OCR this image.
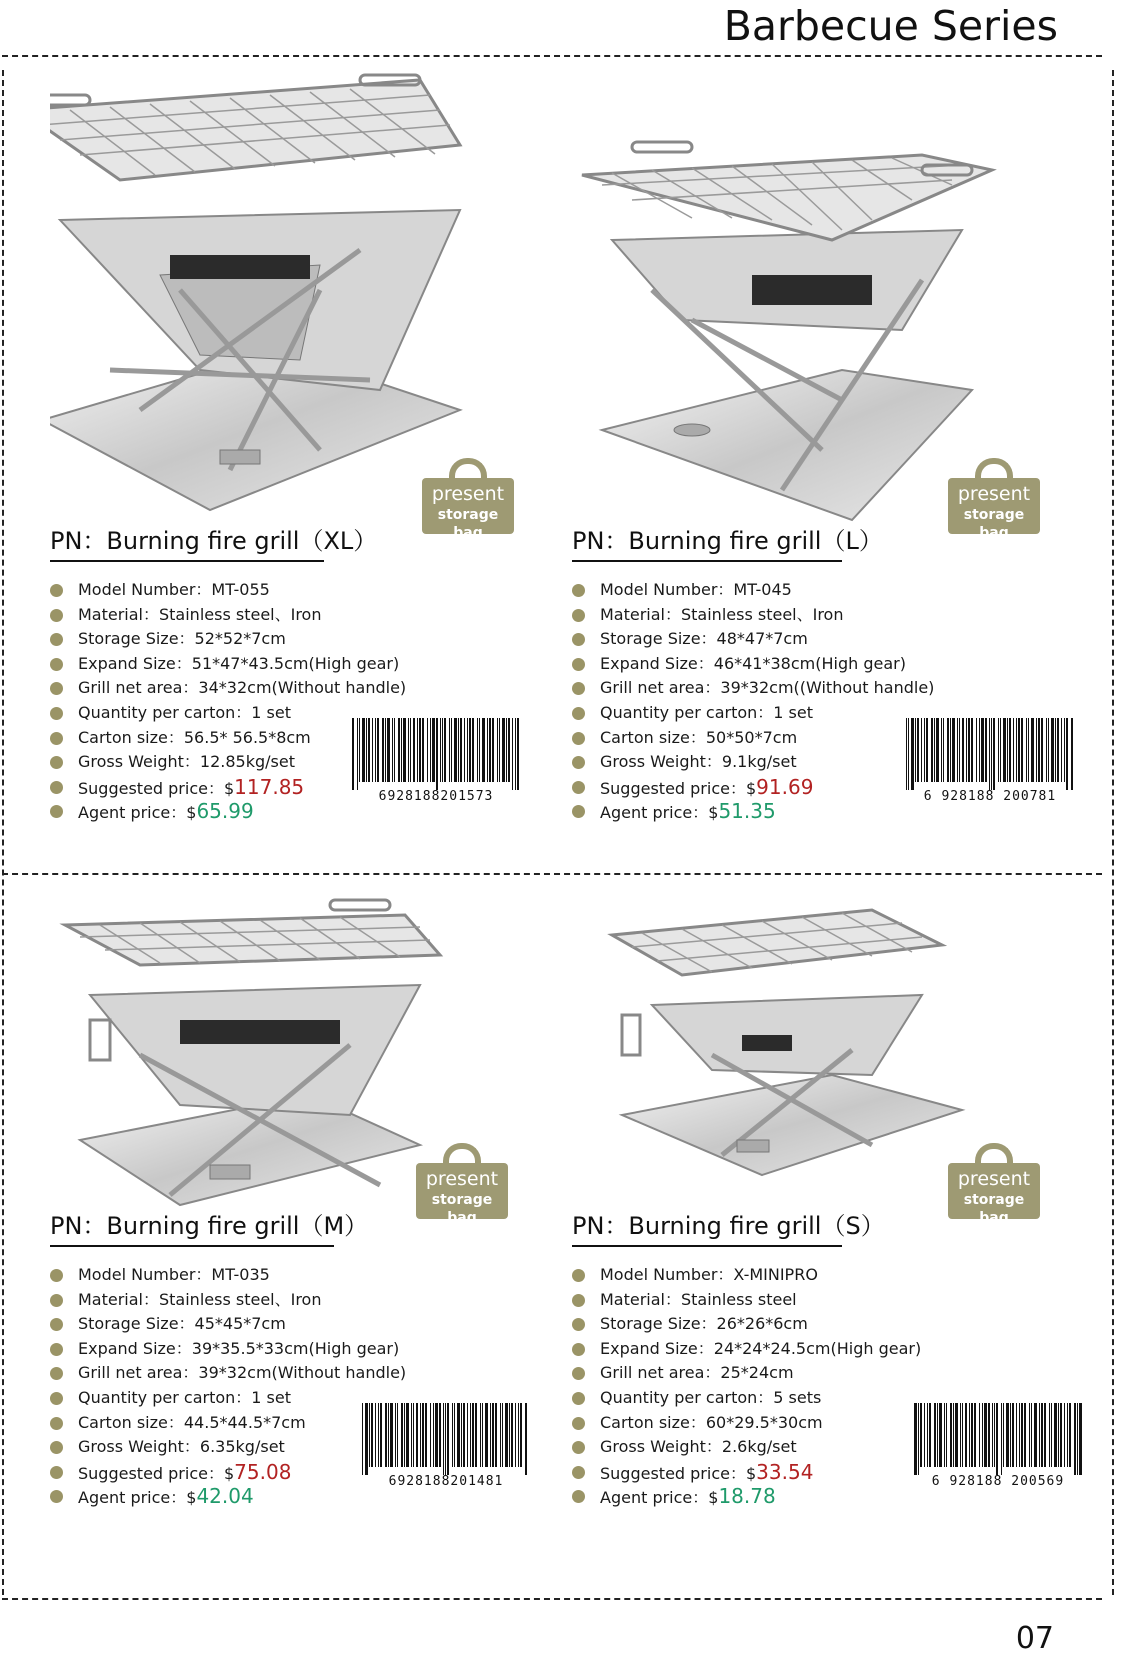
Barbecue Series
present
storage bag
PN：Burning fire grill（XL）
Model Number：MT-055
Material：Stainless steel、Iron
Storage Size：52*52*7cm
Expand Size：51*47*43.5cm(High gear)
Grill net area：34*32cm(Without handle)
Quantity per carton：1 set
Carton size：56.5* 56.5*8cm
Gross Weight：12.85kg/set
Suggested price：$117.85
Agent price：$65.99
6928188201573
present
storage bag
PN：Burning fire grill（L）
Model Number：MT-045
Material：Stainless steel、Iron
Storage Size：48*47*7cm
Expand Size：46*41*38cm(High gear)
Grill net area：39*32cm((Without handle)
Quantity per carton：1 set
Carton size：50*50*7cm
Gross Weight：9.1kg/set
Suggested price：$91.69
Agent price：$51.35
6 928188 200781
present
storage bag
PN：Burning fire grill（M）
Model Number：MT-035
Material：Stainless steel、Iron
Storage Size：45*45*7cm
Expand Size：39*35.5*33cm(High gear)
Grill net area：39*32cm(Without handle)
Quantity per carton：1 set
Carton size：44.5*44.5*7cm
Gross Weight：6.35kg/set
Suggested price：$75.08
Agent price：$42.04
6928188201481
present
storage bag
PN：Burning fire grill（S）
Model Number：X-MINIPRO
Material：Stainless steel
Storage Size：26*26*6cm
Expand Size：24*24*24.5cm(High gear)
Grill net area：25*24cm
Quantity per carton：5 sets
Carton size：60*29.5*30cm
Gross Weight：2.6kg/set
Suggested price：$33.54
Agent price：$18.78
6 928188 200569
07
